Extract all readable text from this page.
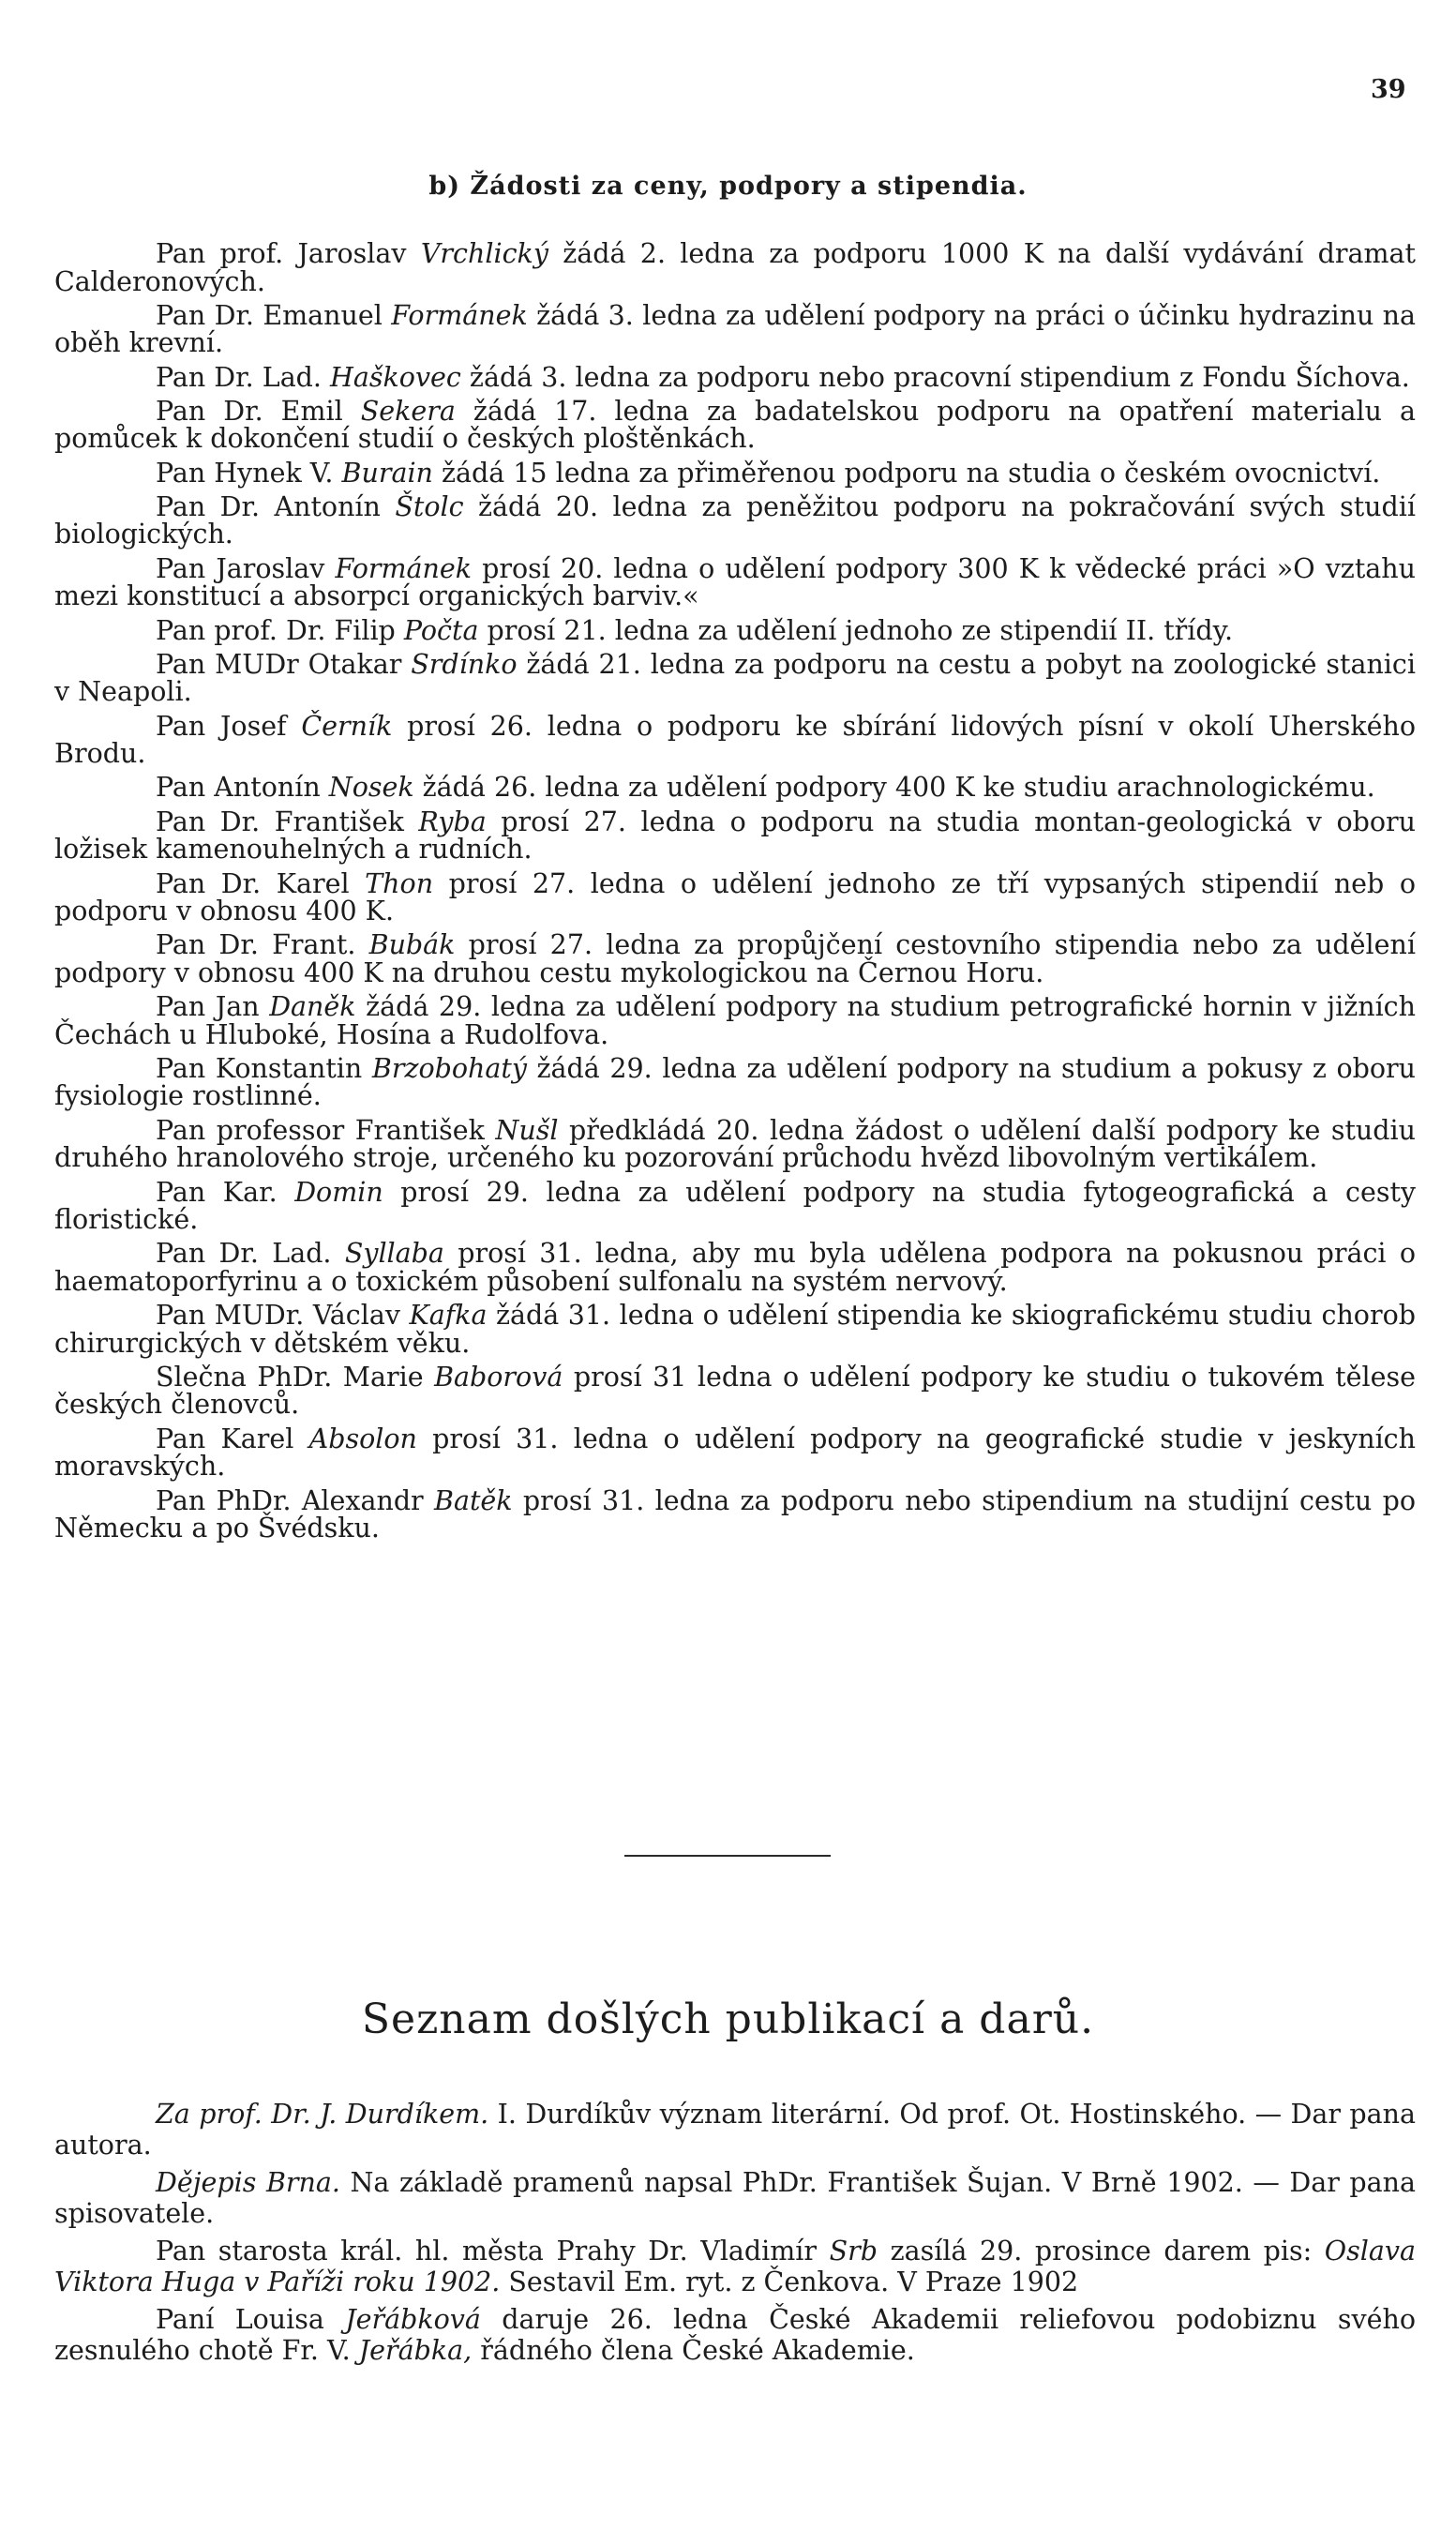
39
b) Žádosti za ceny, podpory a stipendia.

Pan prof. Jaroslav Vrchlický žádá 2. ledna za podporu 1000 K na další vydávání dramat Calderonových.

Pan Dr. Emanuel Formánek žádá 3. ledna za udělení podpory na práci o účinku hydrazinu na oběh krevní.

Pan Dr. Lad. Haškovec žádá 3. ledna za podporu nebo pracovní stipendium z Fondu Šíchova.

Pan Dr. Emil Sekera žádá 17. ledna za badatelskou podporu na opatření materialu a pomůcek k dokončení studií o českých ploštěnkách.

Pan Hynek V. Burain žádá 15 ledna za přiměřenou podporu na studia o českém ovocnictví.

Pan Dr. Antonín Štolc žádá 20. ledna za peněžitou podporu na pokračování svých studií biologických.

Pan Jaroslav Formánek prosí 20. ledna o udělení podpory 300 K k vědecké práci »O vztahu mezi konstitucí a absorpcí organických barviv.«

Pan prof. Dr. Filip Počta prosí 21. ledna za udělení jednoho ze stipendií II. třídy.

Pan MUDr Otakar Srdínko žádá 21. ledna za podporu na cestu a pobyt na zoologické stanici v Neapoli.

Pan Josef Černík prosí 26. ledna o podporu ke sbírání lidových písní v okolí Uherského Brodu.

Pan Antonín Nosek žádá 26. ledna za udělení podpory 400 K ke studiu arachnologickému.

Pan Dr. František Ryba prosí 27. ledna o podporu na studia montan-geologická v oboru ložisek kamenouhelných a rudních.

Pan Dr. Karel Thon prosí 27. ledna o udělení jednoho ze tří vypsaných stipendií neb o podporu v obnosu 400 K.

Pan Dr. Frant. Bubák prosí 27. ledna za propůjčení cestovního stipendia nebo za udělení podpory v obnosu 400 K na druhou cestu mykologickou na Černou Horu.

Pan Jan Daněk žádá 29. ledna za udělení podpory na studium petrografické hornin v jižních Čechách u Hluboké, Hosína a Rudolfova.

Pan Konstantin Brzobohatý žádá 29. ledna za udělení podpory na studium a pokusy z oboru fysiologie rostlinné.

Pan professor František Nušl předkládá 20. ledna žádost o udělení další podpory ke studiu druhého hranolového stroje, určeného ku pozorování průchodu hvězd libovolným vertikálem.

Pan Kar. Domin prosí 29. ledna za udělení podpory na studia fytogeografická a cesty floristické.

Pan Dr. Lad. Syllaba prosí 31. ledna, aby mu byla udělena podpora na pokusnou práci o haematoporfyrinu a o toxickém působení sulfonalu na systém nervový.

Pan MUDr. Václav Kafka žádá 31. ledna o udělení stipendia ke skiografickému studiu chorob chirurgických v dětském věku.

Slečna PhDr. Marie Baborová prosí 31 ledna o udělení podpory ke studiu o tukovém tělese českých členovců.

Pan Karel Absolon prosí 31. ledna o udělení podpory na geografické studie v jeskyních moravských.

Pan PhDr. Alexandr Batěk prosí 31. ledna za podporu nebo stipendium na studijní cestu po Německu a po Švédsku.

Seznam došlých publikací a darů.

Za prof. Dr. J. Durdíkem. I. Durdíkův význam literární. Od prof. Ot. Hostinského. — Dar pana autora.

Dějepis Brna. Na základě pramenů napsal PhDr. František Šujan. V Brně 1902. — Dar pana spisovatele.

Pan starosta král. hl. města Prahy Dr. Vladimír Srb zasílá 29. prosince darem pis: Oslava Viktora Huga v Paříži roku 1902. Sestavil Em. ryt. z Čenkova. V Praze 1902

Paní Louisa Jeřábková daruje 26. ledna České Akademii reliefovou podobiznu svého zesnulého chotě Fr. V. Jeřábka, řádného člena České Akademie.
